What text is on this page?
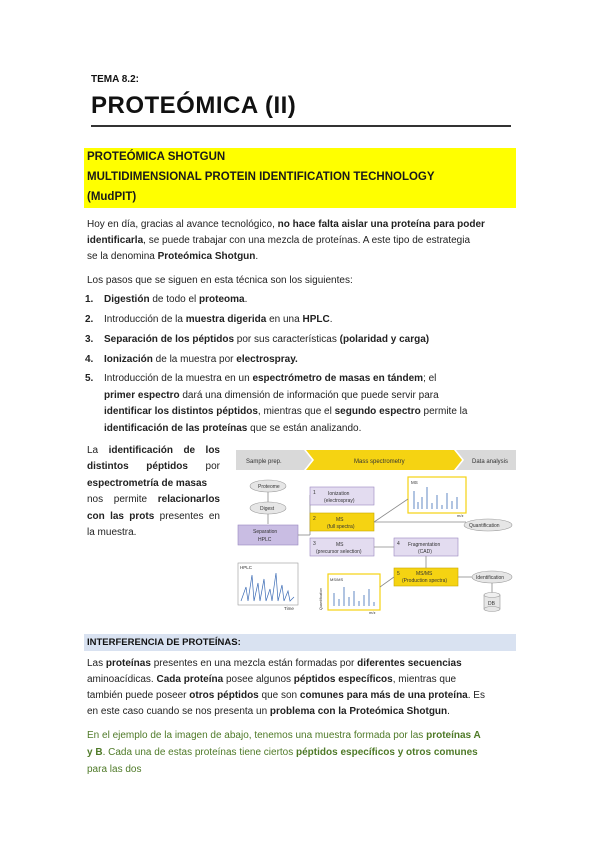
TEMA 8.2:
PROTEÓMICA (II)
PROTEÓMICA SHOTGUN
MULTIDIMENSIONAL PROTEIN IDENTIFICATION TECHNOLOGY
(MudPIT)
Hoy en día, gracias al avance tecnológico, no hace falta aislar una proteína para poder
identificarla, se puede trabajar con una mezcla de proteínas. A este tipo de estrategia
se la denomina Proteómica Shotgun.
Los pasos que se siguen en esta técnica son los siguientes:
1. Digestión de todo el proteoma.
2. Introducción de la muestra digerida en una HPLC.
3. Separación de los péptidos por sus características (polaridad y carga)
4. Ionización de la muestra por electrospray.
5. Introducción de la muestra en un espectrómetro de masas en tándem; el
primer espectro dará una dimensión de información que puede servir para
identificar los distintos péptidos, mientras que el segundo espectro permite la
identificación de las proteínas que se están analizando.
La identificación de los
distintos péptidos por
espectrometría de masas
nos permite relacionarlos
con las prots presentes en
la muestra.
Sample prep.	Mass spectrometry	Data analysis
Proteome
Digest
Separation
HPLC
HPLC
Time
1 Ionization
(electrospray)
2	MS
(full spectra)
3	MS
(precursor selection)
4 Fragmentation
(CAD)
5	MS/MS
(Production spectra)
MS
m/z
Quantification
MS/MS
m/z
Quantification
Identification
DB
INTERFERENCIA DE PROTEÍNAS:
Las proteínas presentes en una mezcla están formadas por diferentes secuencias
aminoacídicas. Cada proteína posee algunos péptidos específicos, mientras que
también puede poseer otros péptidos que son comunes para más de una proteína. Es
en este caso cuando se nos presenta un problema con la Proteómica Shotgun.
En el ejemplo de la imagen de abajo, tenemos una muestra formada por las proteínas A
y B. Cada una de estas proteínas tiene ciertos péptidos específicos y otros comunes
para las dos
